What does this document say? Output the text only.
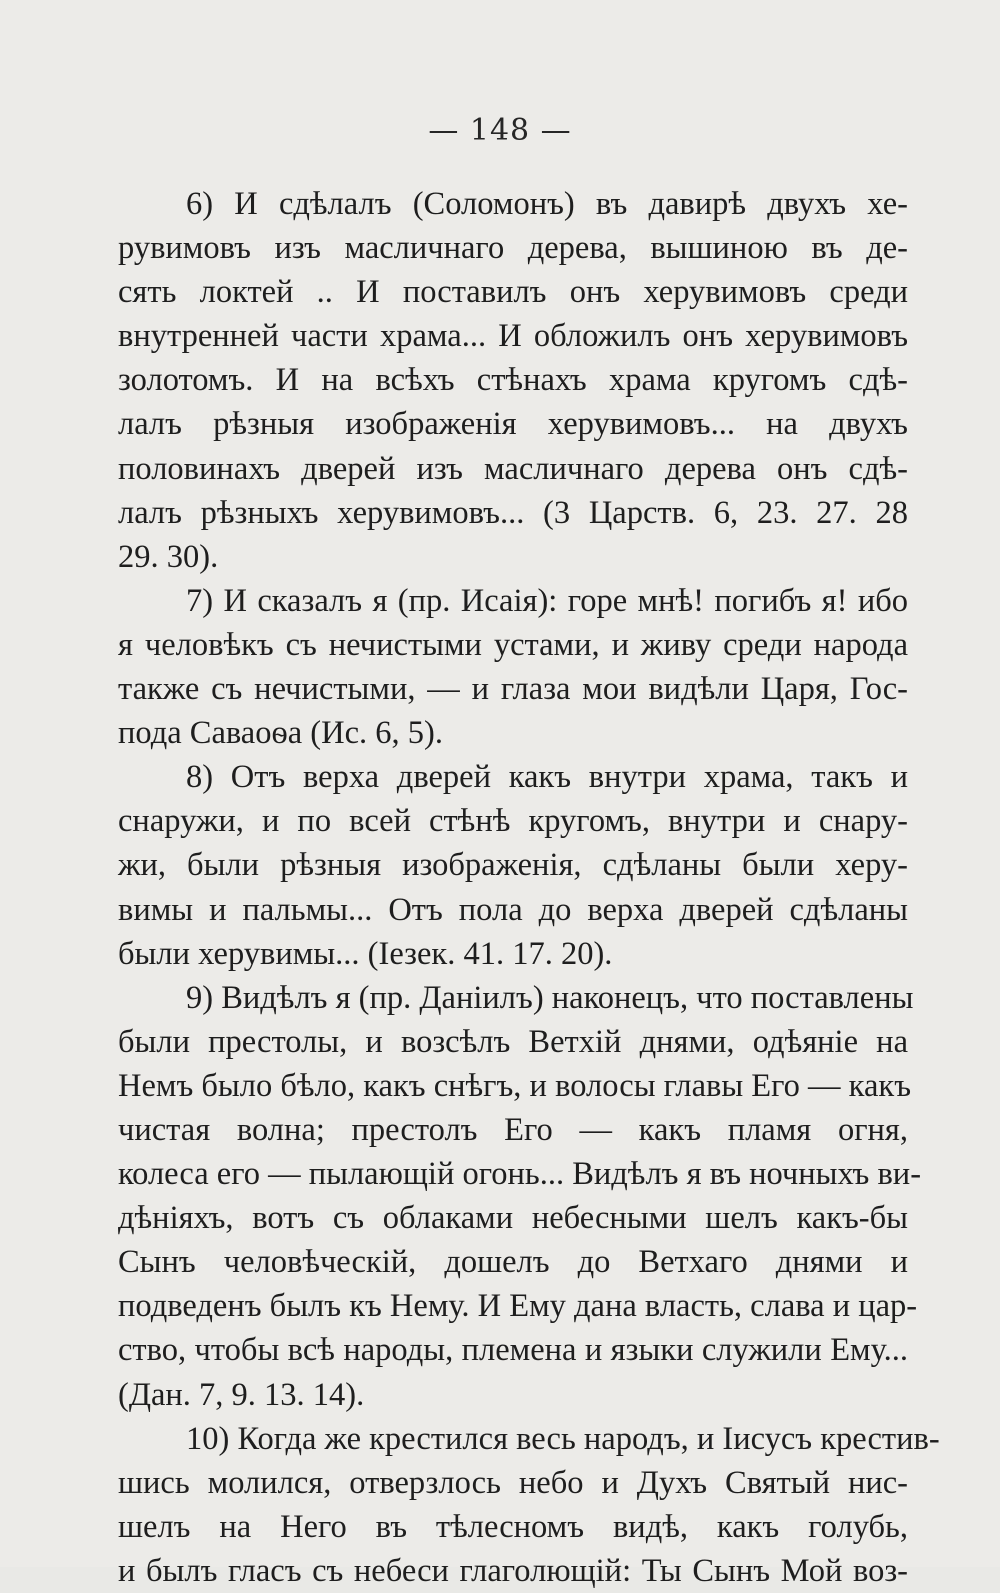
— 148 —
6) И сдѣлалъ (Соломонъ) въ давирѣ двухъ хе-
рувимовъ изъ масличнаго дерева, вышиною въ де-
сять локтей .. И поставилъ онъ херувимовъ среди
внутренней части храма... И обложилъ онъ херувимовъ
золотомъ. И на всѣхъ стѣнахъ храма кругомъ сдѣ-
лалъ рѣзныя изображенія херувимовъ... на двухъ
половинахъ дверей изъ масличнаго дерева онъ сдѣ-
лалъ рѣзныхъ херувимовъ... (3 Царств. 6, 23. 27. 28
29. 30).
7) И сказалъ я (пр. Исаія): горе мнѣ! погибъ я! ибо
я человѣкъ съ нечистыми устами, и живу среди народа
также съ нечистыми, — и глаза мои видѣли Царя, Гос-
пода Саваоѳа (Ис. 6, 5).
8) Отъ верха дверей какъ внутри храма, такъ и
снаружи, и по всей стѣнѣ кругомъ, внутри и снару-
жи, были рѣзныя изображенія, сдѣланы были херу-
вимы и пальмы... Отъ пола до верха дверей сдѣланы
были херувимы... (Iезек. 41. 17. 20).
9) Видѣлъ я (пр. Даніилъ) наконецъ, что поставлены
были престолы, и возсѣлъ Ветхій днями, одѣяніе на
Немъ было бѣло, какъ снѣгъ, и волосы главы Его — какъ
чистая волна; престолъ Его — какъ пламя огня,
колеса его — пылающій огонь... Видѣлъ я въ ночныхъ ви-
дѣніяхъ, вотъ съ облаками небесными шелъ какъ-бы
Сынъ человѣческій, дошелъ до Ветхаго днями и
подведенъ былъ къ Нему. И Ему дана власть, слава и цар-
ство, чтобы всѣ народы, племена и языки служили Ему...
(Дан. 7, 9. 13. 14).
10) Когда же крестился весь народъ, и Iисусъ крестив-
шись молился, отверзлось небо и Духъ Святый нис-
шелъ на Него въ тѣлесномъ видѣ, какъ голубь,
и былъ гласъ съ небеси глаголющій: Ты Сынъ Мой воз-
